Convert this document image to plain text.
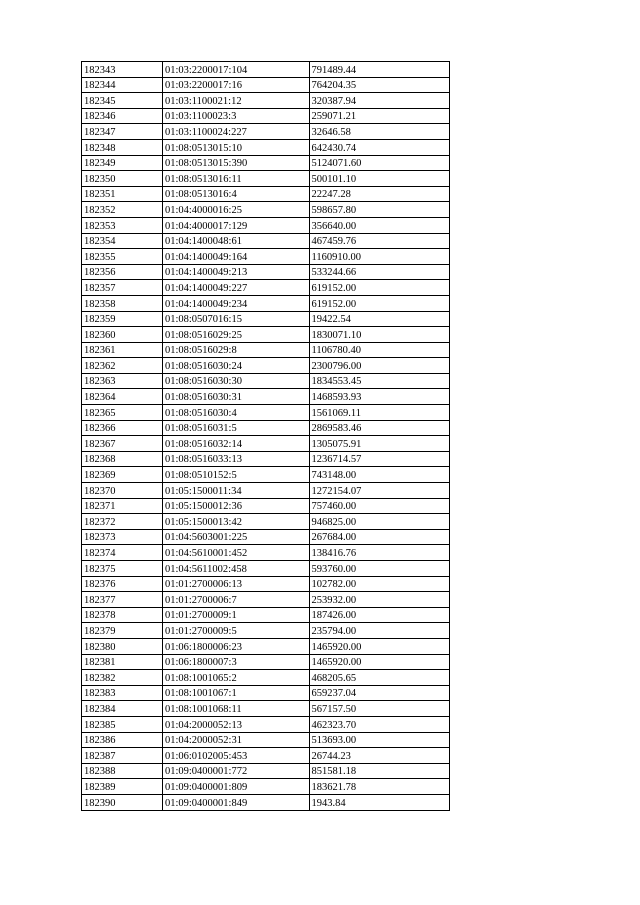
182343	01:03:2200017:104	791489.44
182344	01:03:2200017:16	764204.35
182345	01:03:1100021:12	320387.94
182346	01:03:1100023:3	259071.21
182347	01:03:1100024:227	32646.58
182348	01:08:0513015:10	642430.74
182349	01:08:0513015:390	5124071.60
182350	01:08:0513016:11	500101.10
182351	01:08:0513016:4	22247.28
182352	01:04:4000016:25	598657.80
182353	01:04:4000017:129	356640.00
182354	01:04:1400048:61	467459.76
182355	01:04:1400049:164	1160910.00
182356	01:04:1400049:213	533244.66
182357	01:04:1400049:227	619152.00
182358	01:04:1400049:234	619152.00
182359	01:08:0507016:15	19422.54
182360	01:08:0516029:25	1830071.10
182361	01:08:0516029:8	1106780.40
182362	01:08:0516030:24	2300796.00
182363	01:08:0516030:30	1834553.45
182364	01:08:0516030:31	1468593.93
182365	01:08:0516030:4	1561069.11
182366	01:08:0516031:5	2869583.46
182367	01:08:0516032:14	1305075.91
182368	01:08:0516033:13	1236714.57
182369	01:08:0510152:5	743148.00
182370	01:05:1500011:34	1272154.07
182371	01:05:1500012:36	757460.00
182372	01:05:1500013:42	946825.00
182373	01:04:5603001:225	267684.00
182374	01:04:5610001:452	138416.76
182375	01:04:5611002:458	593760.00
182376	01:01:2700006:13	102782.00
182377	01:01:2700006:7	253932.00
182378	01:01:2700009:1	187426.00
182379	01:01:2700009:5	235794.00
182380	01:06:1800006:23	1465920.00
182381	01:06:1800007:3	1465920.00
182382	01:08:1001065:2	468205.65
182383	01:08:1001067:1	659237.04
182384	01:08:1001068:11	567157.50
182385	01:04:2000052:13	462323.70
182386	01:04:2000052:31	513693.00
182387	01:06:0102005:453	26744.23
182388	01:09:0400001:772	851581.18
182389	01:09:0400001:809	183621.78
182390	01:09:0400001:849	1943.84
